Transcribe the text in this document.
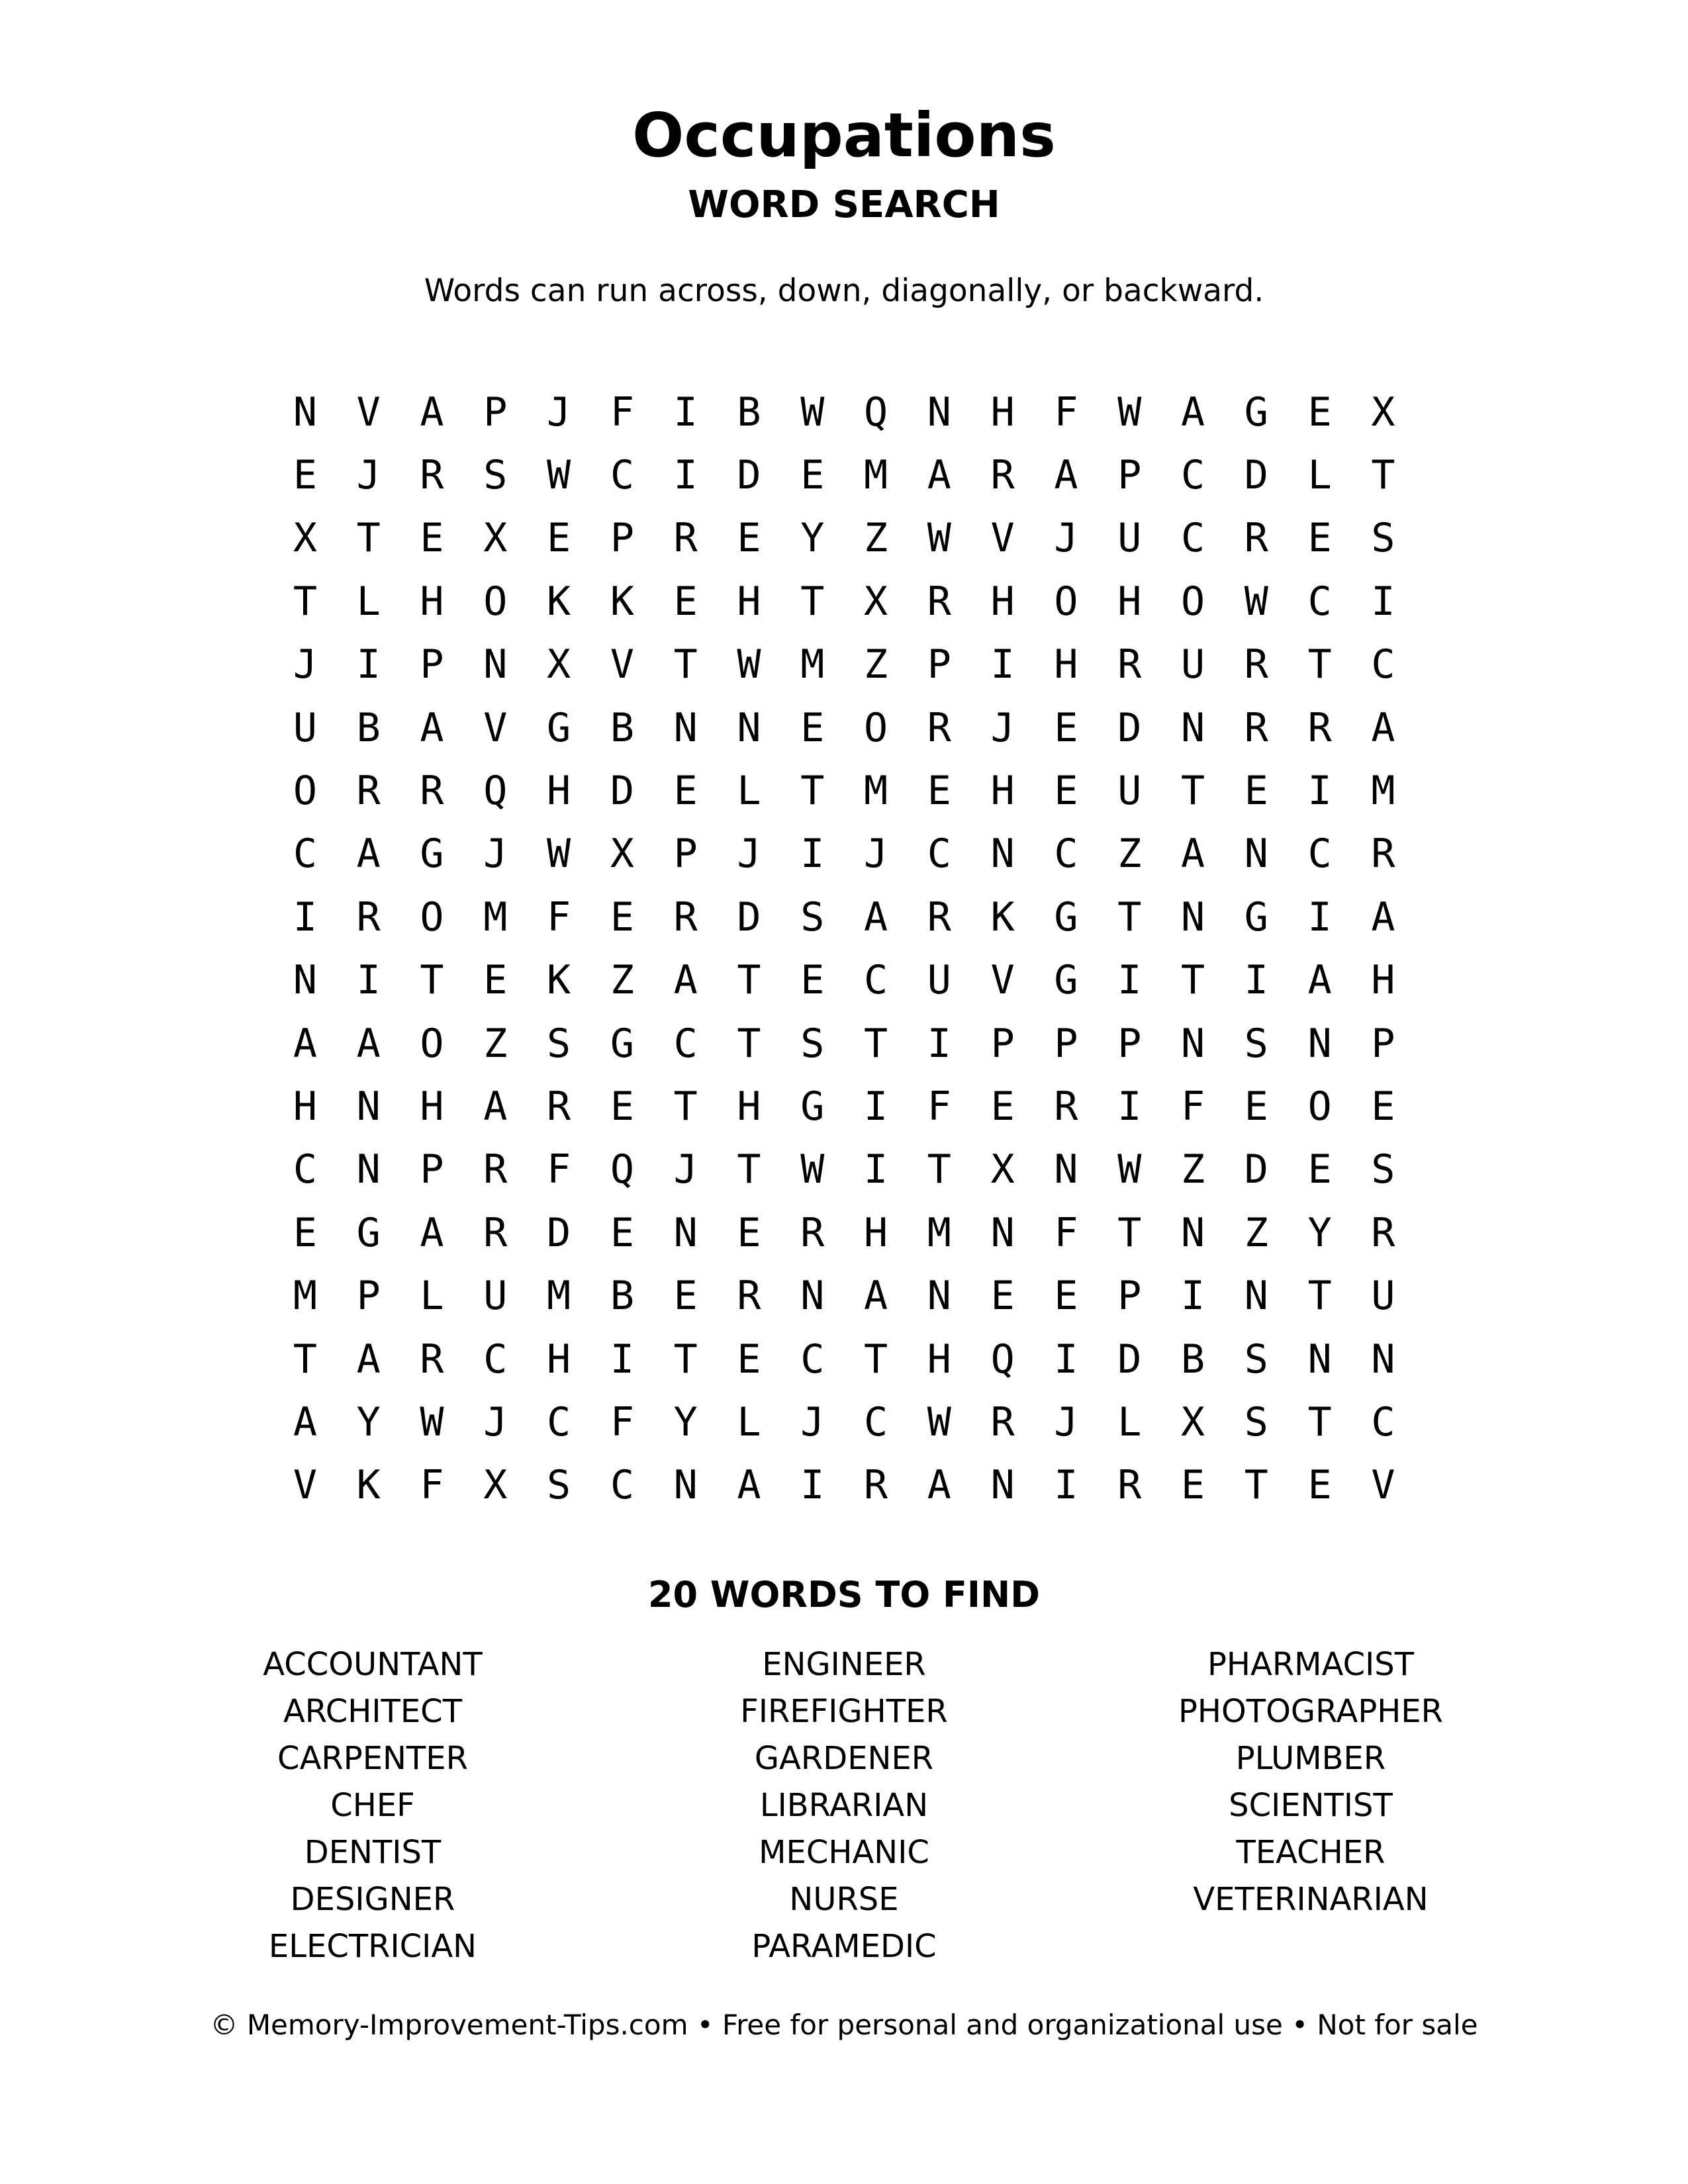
Occupations
WORD SEARCH
Words can run across, down, diagonally, or backward.
N V A P J F I B W Q N H F W A G E X
E J R S W C I D E M A R A P C D L T
X T E X E P R E Y Z W V J U C R E S
T L H O K K E H T X R H O H O W C I
J I P N X V T W M Z P I H R U R T C
U B A V G B N N E O R J E D N R R A
O R R Q H D E L T M E H E U T E I M
C A G J W X P J I J C N C Z A N C R
I R O M F E R D S A R K G T N G I A
N I T E K Z A T E C U V G I T I A H
A A O Z S G C T S T I P P P N S N P
H N H A R E T H G I F E R I F E O E
C N P R F Q J T W I T X N W Z D E S
E G A R D E N E R H M N F T N Z Y R
M P L U M B E R N A N E E P I N T U
T A R C H I T E C T H Q I D B S N N
A Y W J C F Y L J C W R J L X S T C
V K F X S C N A I R A N I R E T E V
20 WORDS TO FIND
ACCOUNTANT
ARCHITECT
CARPENTER
CHEF
DENTIST
DESIGNER
ELECTRICIAN
ENGINEER
FIREFIGHTER
GARDENER
LIBRARIAN
MECHANIC
NURSE
PARAMEDIC
PHARMACIST
PHOTOGRAPHER
PLUMBER
SCIENTIST
TEACHER
VETERINARIAN
© Memory-Improvement-Tips.com • Free for personal and organizational use • Not for sale
